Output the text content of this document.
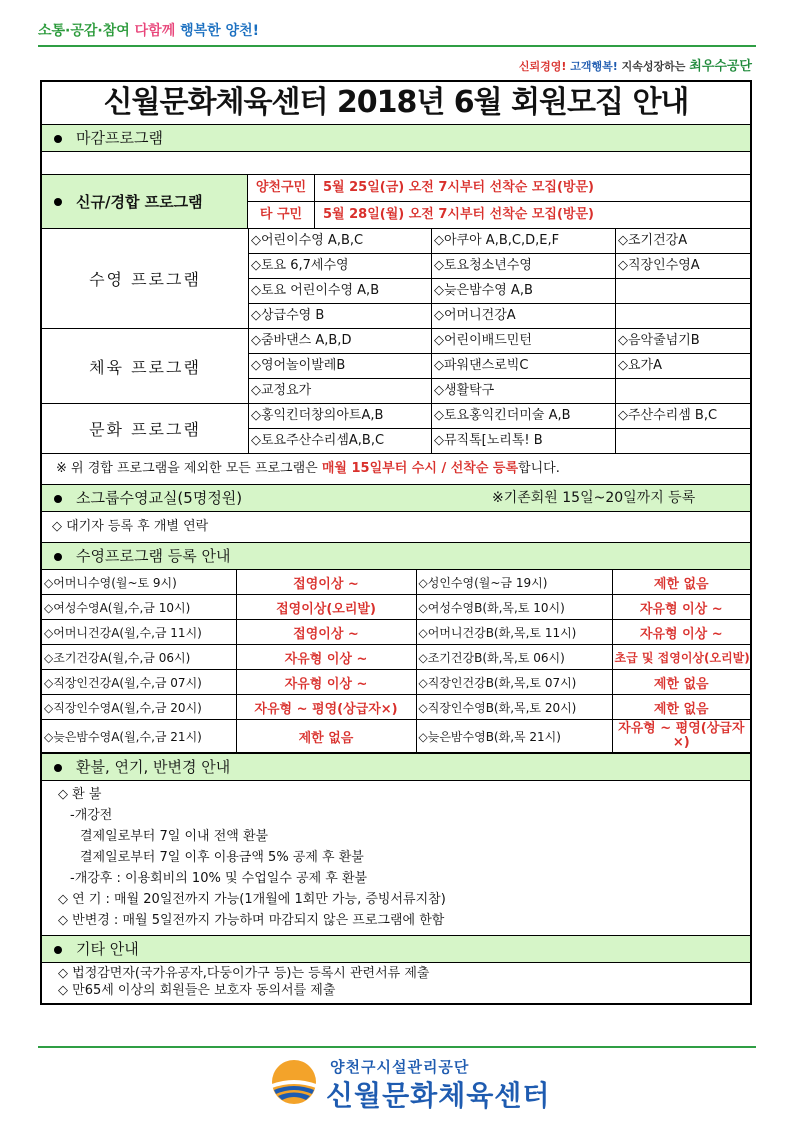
소통·공감·참여 다함께 행복한 양천!
신뢰경영! 고객행복! 지속성장하는 최우수공단
신월문화체육센터 2018년 6월 회원모집 안내
마감프로그램
신규/경합 프로그램
양천구민	5월 25일(금) 오전 7시부터 선착순 모집(방문)
타 구민	5월 28일(월) 오전 7시부터 선착순 모집(방문)
수영 프로그램
◇어린이수영 A,B,C	◇아쿠아 A,B,C,D,E,F	◇조기건강A
◇토요 6,7세수영	◇토요청소년수영	◇직장인수영A
◇토요 어린이수영 A,B	◇늦은밤수영 A,B
◇상급수영 B	◇어머니건강A
체육 프로그램
◇줌바댄스 A,B,D	◇어린이배드민턴	◇음악줄넘기B
◇영어놀이발레B	◇파워댄스로빅C	◇요가A
◇교정요가	◇생활탁구
문화 프로그램
◇홍익킨더창의아트A,B	◇토요홍익킨더미술 A,B	◇주산수리셈 B,C
◇토요주산수리셈A,B,C	◇뮤직톡[노리톡! B
※ 위 경합 프로그램을 제외한 모든 프로그램은 매월 15일부터 수시 / 선착순 등록합니다.
소그룹수영교실(5명정원)	※기존회원 15일~20일까지 등록
◇ 대기자 등록 후 개별 연락
수영프로그램 등록 안내
◇어머니수영(월~토 9시)	접영이상 ~	◇성인수영(월~금 19시)	제한 없음
◇여성수영A(월,수,금 10시)	접영이상(오리발)	◇여성수영B(화,목,토 10시)	자유형 이상 ~
◇어머니건강A(월,수,금 11시)	접영이상 ~	◇어머니건강B(화,목,토 11시)	자유형 이상 ~
◇조기건강A(월,수,금 06시)	자유형 이상 ~	◇조기건강B(화,목,토 06시)	초급 및 접영이상(오리발)
◇직장인건강A(월,수,금 07시)	자유형 이상 ~	◇직장인건강B(화,목,토 07시)	제한 없음
◇직장인수영A(월,수,금 20시)	자유형 ~ 평영(상급자×)	◇직장인수영B(화,목,토 20시)	제한 없음
◇늦은밤수영A(월,수,금 21시)	제한 없음	◇늦은밤수영B(화,목 21시)	자유형 ~ 평영(상급자×)
환불, 연기, 반변경 안내

◇ 환 불

-개강전

결제일로부터 7일 이내 전액 환불

결제일로부터 7일 이후 이용금액 5% 공제 후 환불

-개강후 : 이용회비의 10% 및 수업일수 공제 후 환불

◇ 연 기 : 매월 20일전까지 가능(1개월에 1회만 가능, 증빙서류지참)

◇ 반변경 : 매월 5일전까지 가능하며 마감되지 않은 프로그램에 한함

기타 안내

◇ 법정감면자(국가유공자,다둥이가구 등)는 등록시 관련서류 제출

◇ 만65세 이상의 회원들은 보호자 동의서를 제출

양천구시설관리공단
신월문화체육센터
